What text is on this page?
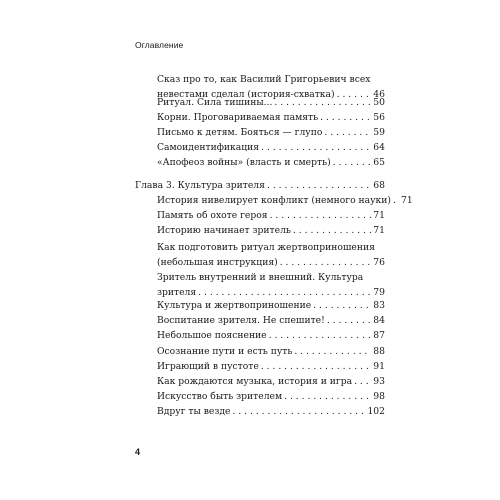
Оглавление
Сказ про то, как Василий Григорьевич всех
невестами сделал (история-схватка) . . .	46
Ритуал. Сила тишины... . . .	50
Корни. Проговариваемая память . . .	56
Письмо к детям. Бояться — глупо . . .	59
Самоидентификация . . .	64
«Апофеоз войны» (власть и смерть) . . .	65
Глава 3. Культура зрителя . . .	68
История нивелирует конфликт (немного науки) . . . 71
Память об охоте героя . . .	71
Историю начинает зритель . . .	71
Как подготовить ритуал жертвоприношения
(небольшая инструкция) . . .	76
Зритель внутренний и внешний. Культура
зрителя . . .	79
Культура и жертвоприношение . . .	83
Воспитание зрителя. Не спешите! . . .	84
Небольшое пояснение . . .	87
Осознание пути и есть путь . . .	88
Играющий в пустоте . . .	91
Как рождаются музыка, история и игра . . . 93
Искусство быть зрителем . . .	98
Вдруг ты везде . . .	102
4
